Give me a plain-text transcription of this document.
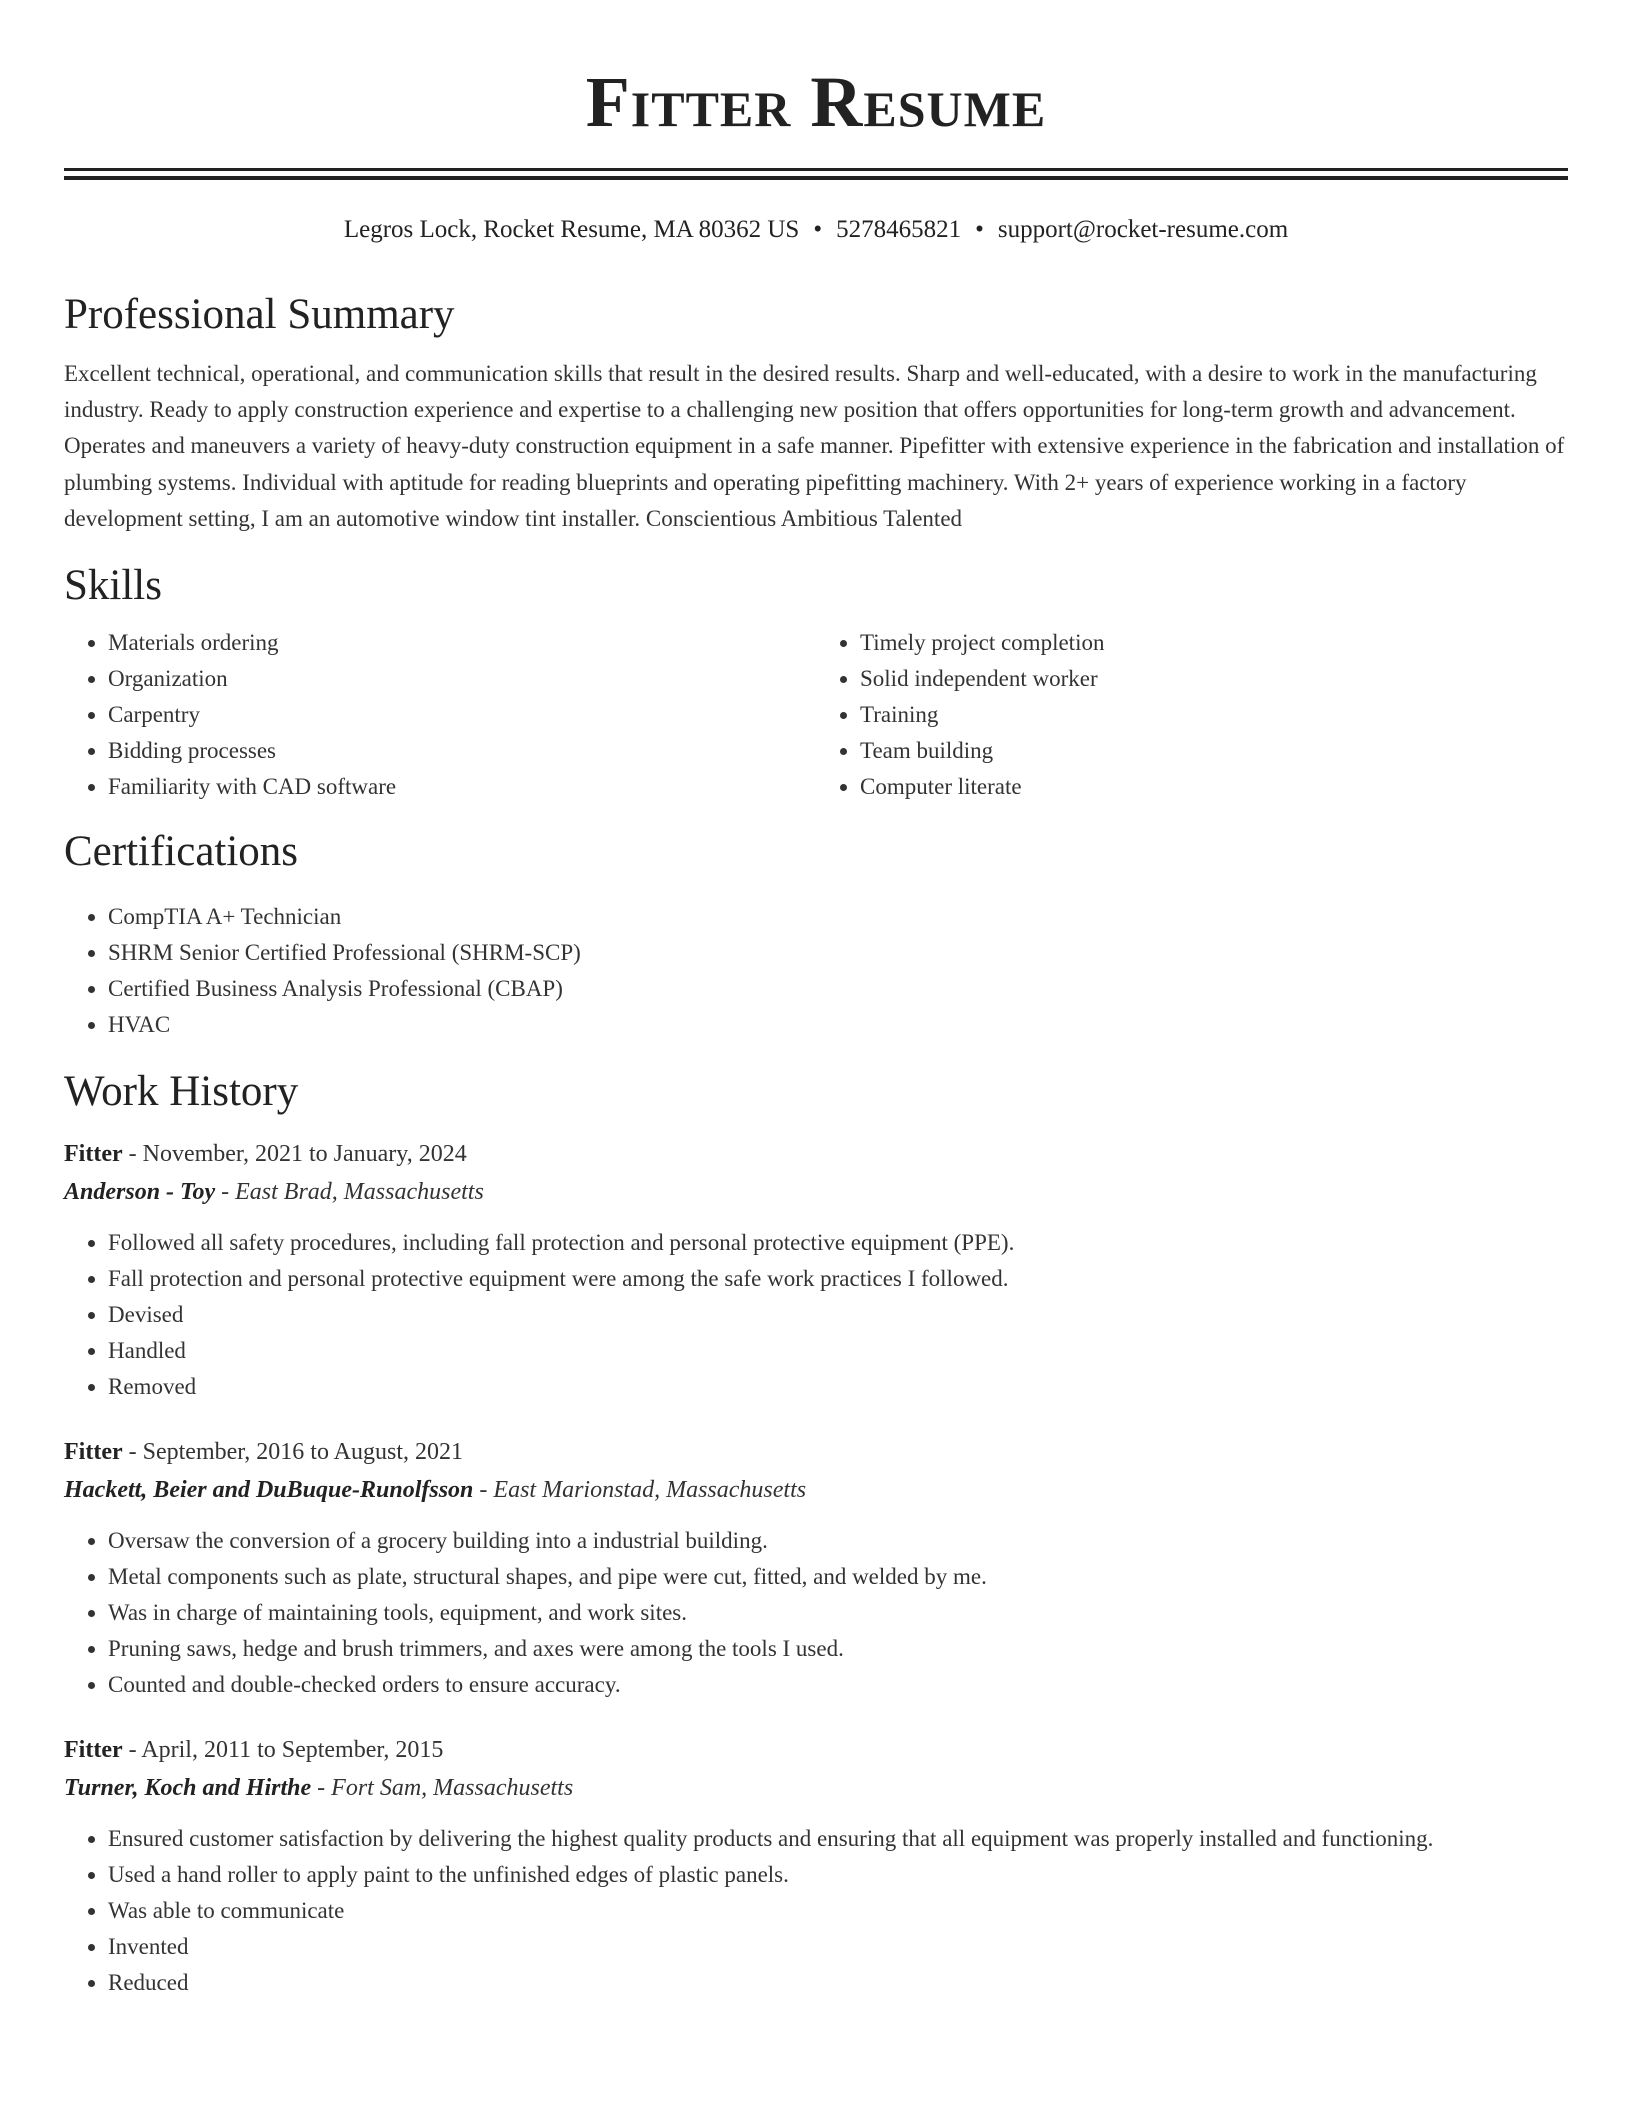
Fitter Resume
Legros Lock, Rocket Resume, MA 80362 US • 5278465821 • support@rocket-resume.com
Professional Summary
Excellent technical, operational, and communication skills that result in the desired results. Sharp and well-educated, with a desire to work in the manufacturing industry. Ready to apply construction experience and expertise to a challenging new position that offers opportunities for long-term growth and advancement. Operates and maneuvers a variety of heavy-duty construction equipment in a safe manner. Pipefitter with extensive experience in the fabrication and installation of plumbing systems. Individual with aptitude for reading blueprints and operating pipefitting machinery. With 2+ years of experience working in a factory development setting, I am an automotive window tint installer. Conscientious Ambitious Talented
Skills
• Materials ordering
• Organization
• Carpentry
• Bidding processes
• Familiarity with CAD software
• Timely project completion
• Solid independent worker
• Training
• Team building
• Computer literate
Certifications
• CompTIA A+ Technician
• SHRM Senior Certified Professional (SHRM-SCP)
• Certified Business Analysis Professional (CBAP)
• HVAC
Work History
Fitter - November, 2021 to January, 2024
Anderson - Toy - East Brad, Massachusetts
• Followed all safety procedures, including fall protection and personal protective equipment (PPE).
• Fall protection and personal protective equipment were among the safe work practices I followed.
• Devised
• Handled
• Removed
Fitter - September, 2016 to August, 2021
Hackett, Beier and DuBuque-Runolfsson - East Marionstad, Massachusetts
• Oversaw the conversion of a grocery building into a industrial building.
• Metal components such as plate, structural shapes, and pipe were cut, fitted, and welded by me.
• Was in charge of maintaining tools, equipment, and work sites.
• Pruning saws, hedge and brush trimmers, and axes were among the tools I used.
• Counted and double-checked orders to ensure accuracy.
Fitter - April, 2011 to September, 2015
Turner, Koch and Hirthe - Fort Sam, Massachusetts
• Ensured customer satisfaction by delivering the highest quality products and ensuring that all equipment was properly installed and functioning.
• Used a hand roller to apply paint to the unfinished edges of plastic panels.
• Was able to communicate
• Invented
• Reduced
